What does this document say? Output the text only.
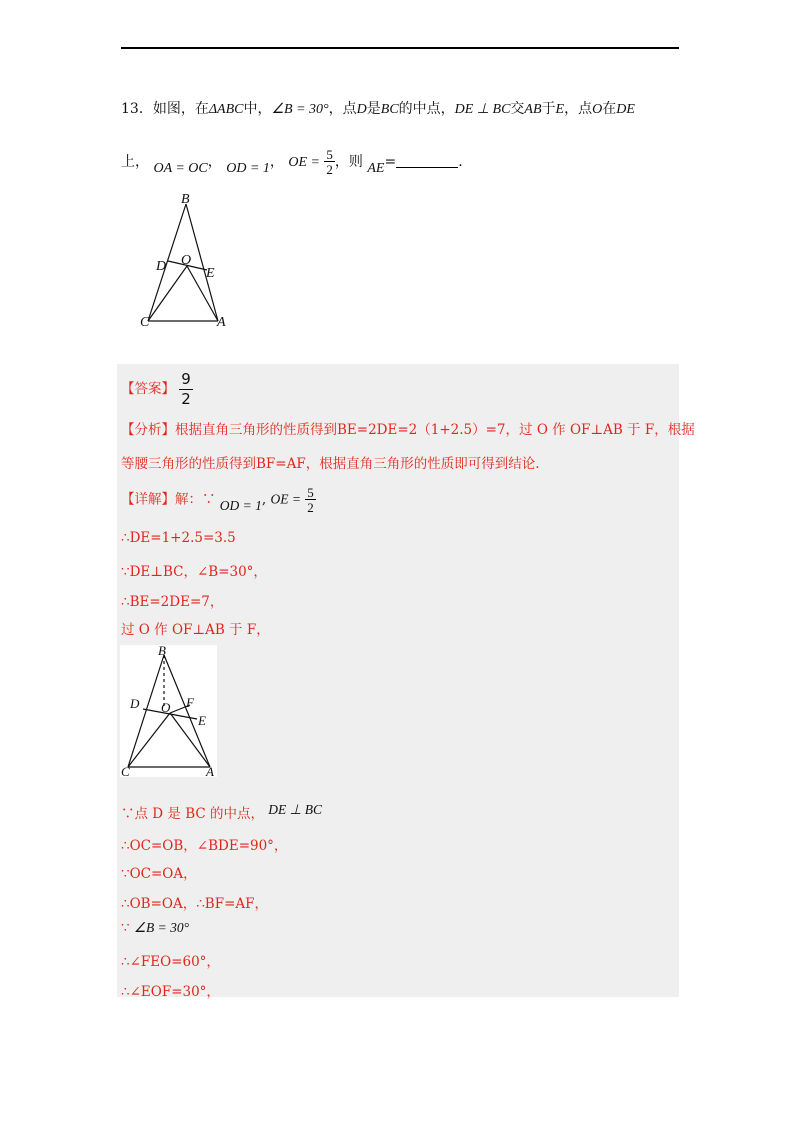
13．如图，在ΔABC中，∠B = 30°，点D是BC的中点，DE ⊥ BC交AB于E，点O在DE
上， OA = OC， OD = 1， OE = $\frac{5}{2}$ ，则 AE=	.
B
D O
E
C	A
【答案】 $\frac{9}{2}$
【分析】根据直角三角形的性质得到BE=2DE=2（1+2.5）=7，过 O 作 OF⊥AB 于 F，根据
等腰三角形的性质得到BF=AF，根据直角三角形的性质即可得到结论.
【详解】解：∵ OD = 1, OE = $\frac{5}{2}$
∴DE=1+2.5=3.5
∵DE⊥BC，∠B=30°，
∴BE=2DE=7，
过 O 作 OF⊥AB 于 F，
B
D O F
E
C	A
∵点 D 是 BC 的中点， DE ⊥ BC
∴OC=OB，∠BDE=90°，
∵OC=OA，
∴OB=OA，∴BF=AF，
∵ ∠B = 30°
∴∠FEO=60°，
∴∠EOF=30°，
